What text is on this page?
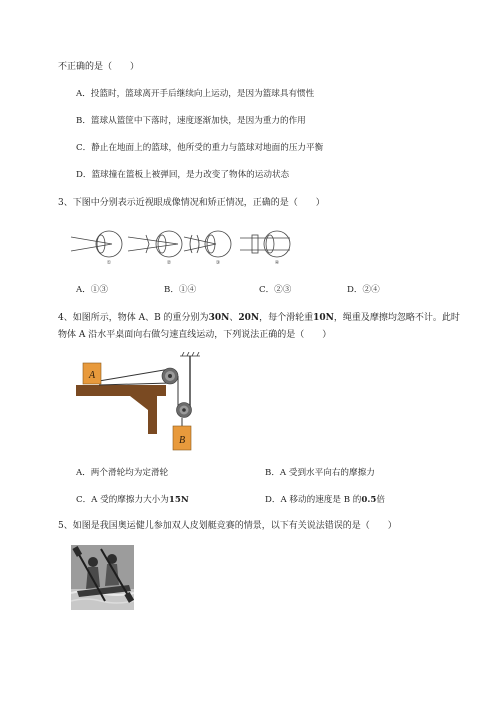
不正确的是（　　）
A．投篮时，篮球离开手后继续向上运动，是因为篮球具有惯性
B．篮球从篮筐中下落时，速度逐渐加快，是因为重力的作用
C．静止在地面上的篮球，他所受的重力与篮球对地面的压力平衡
D．篮球撞在篮板上被弹回，是力改变了物体的运动状态
3、下图中分别表示近视眼成像情况和矫正情况，正确的是（　　）
①	②	③	④
A．①③	B．①④	C．②③	D．②④
4、如图所示，物体 A、B 的重分别为30N、20N，每个滑轮重10N，绳重及摩擦均忽略不计。此时
物体 A 沿水平桌面向右做匀速直线运动，下列说法正确的是（　　）
A
B
A．两个滑轮均为定滑轮	B．A 受到水平向右的摩擦力
C．A 受的摩擦力大小为15N	D．A 移动的速度是 B 的0.5倍
5、如图是我国奥运健儿参加双人皮划艇竞赛的情景，以下有关说法错误的是（　　）
